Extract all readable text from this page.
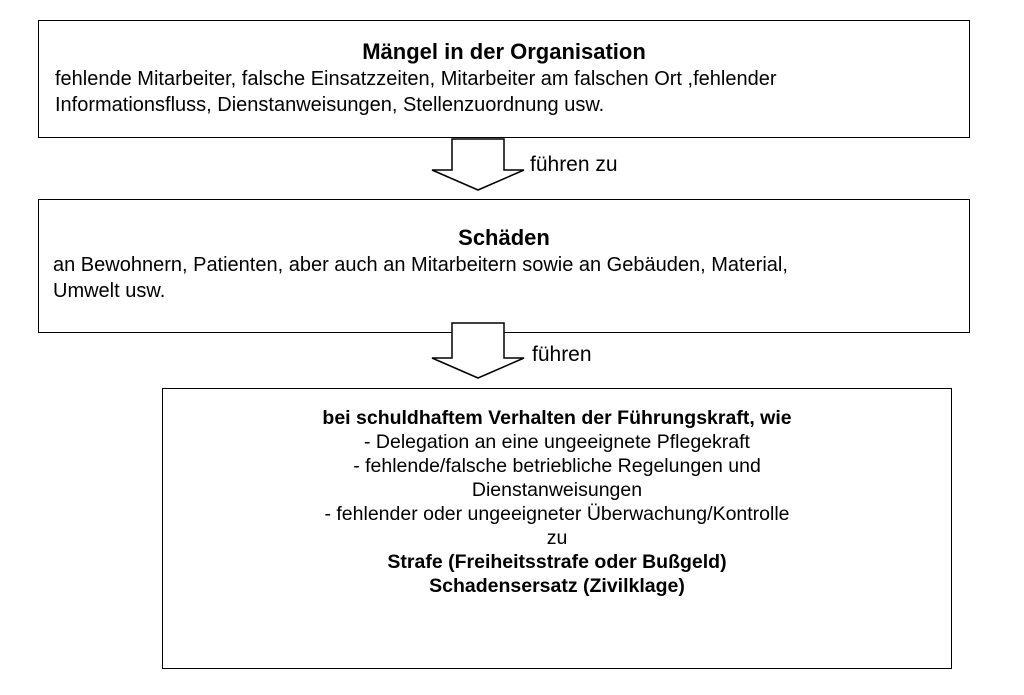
Mängel in der Organisation
fehlende Mitarbeiter, falsche Einsatzzeiten, Mitarbeiter am falschen Ort ,fehlender
Informationsfluss, Dienstanweisungen, Stellenzuordnung usw.
führen zu
Schäden
an Bewohnern, Patienten, aber auch an Mitarbeitern sowie an Gebäuden, Material,
Umwelt usw.
führen
bei schuldhaftem Verhalten der Führungskraft, wie
- Delegation an eine ungeeignete Pflegekraft
- fehlende/falsche betriebliche Regelungen und
Dienstanweisungen
- fehlender oder ungeeigneter Überwachung/Kontrolle
zu
Strafe (Freiheitsstrafe oder Bußgeld)
Schadensersatz (Zivilklage)
